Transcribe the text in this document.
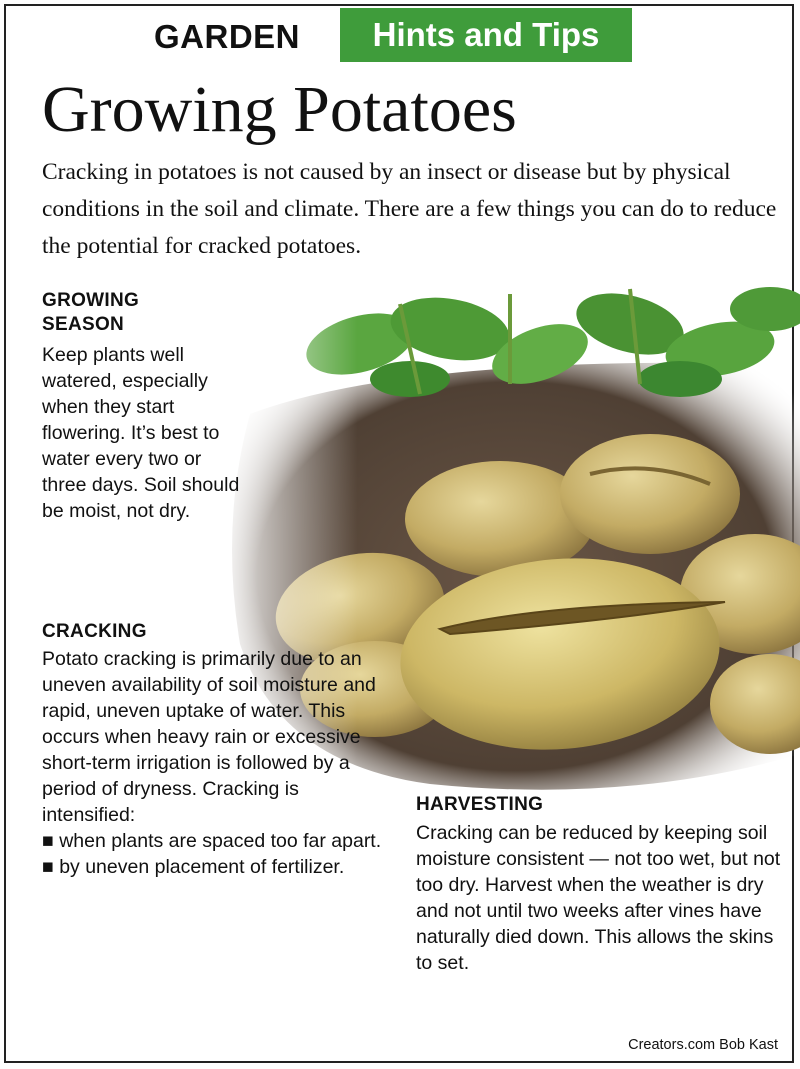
GARDEN	Hints and Tips
Growing Potatoes
Cracking in potatoes is not caused by an insect or disease but by physical conditions in the soil and climate. There are a few things you can do to reduce the potential for cracked potatoes.
GROWING SEASON
Keep plants well watered, especially when they start flowering. It’s best to water every two or three days. Soil should be moist, not dry.
CRACKING

Potato cracking is primarily due to an uneven availability of soil moisture and rapid, uneven uptake of water. This occurs when heavy rain or excessive short-term irrigation is followed by a period of dryness. Cracking is intensified:

■ when plants are spaced too far apart.

■ by uneven placement of fertilizer.

HARVESTING
Cracking can be reduced by keeping soil moisture consistent — not too wet, but not too dry. Harvest when the weather is dry and not until two weeks after vines have naturally died down. This allows the skins to set.
Creators.com Bob Kast
